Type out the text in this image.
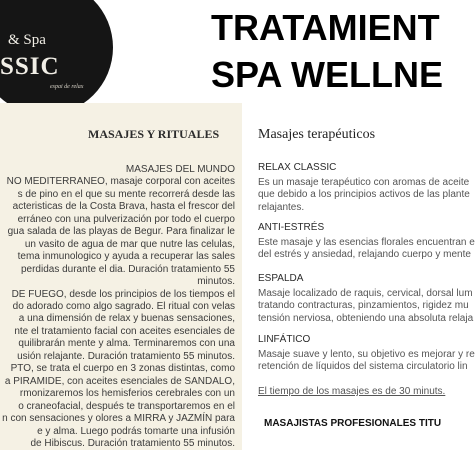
& Spa
SSIC
espai de relax
TRATAMIENT
SPA WELLNE
MASAJES Y RITUALES
MASAJES DEL MUNDO
NO MEDITERRANEO, masaje corporal con aceites
s de pino en el que su mente recorrerá desde las
acteristicas de la Costa Brava, hasta el frescor del
erráneo con una pulverización por todo el cuerpo
gua salada de las playas de Begur. Para finalizar le
un vasito de agua de mar que nutre las celulas,
tema inmunologico y ayuda a recuperar las sales
perdidas durante el dia. Duración tratamiento 55
minutos.
DE FUEGO, desde los principios de los tiempos el
do adorado como algo sagrado. El ritual con velas
a una dimensión de relax y buenas sensaciones,
nte el tratamiento facial con aceites esenciales de
quilibrarán mente y alma. Terminaremos con una
usión relajante. Duración tratamiento 55 minutos.
PTO, se trata el cuerpo en 3 zonas distintas, como
a PIRAMIDE, con aceites esenciales de SANDALO,
rmonizaremos los hemisferios cerebrales con un
o craneofacial, después te transportaremos en el
n con sensaciones y olores a MIRRA y JAZMÍN para
e y alma. Luego podrás tomarte una infusión
de Hibiscus. Duración tratamiento 55 minutos.
Masajes terapéuticos
RELAX CLASSIC
Es un masaje terapéutico con aromas de aceite
que debido a los principios activos de las plante
relajantes.
ANTI-ESTRÉS
Este masaje y las esencias florales encuentran e
del estrés y ansiedad, relajando cuerpo y mente
ESPALDA
Masaje localizado de raquis, cervical, dorsal lum
tratando contracturas, pinzamientos, rigidez mu
tensión nerviosa, obteniendo una absoluta relaja
LINFÁTICO
Masaje suave y lento, su objetivo es mejorar y re
retención de líquidos del sistema circulatorio lin
El tiempo de los masajes es de 30 minuts.
MASAJISTAS PROFESIONALES TITU
